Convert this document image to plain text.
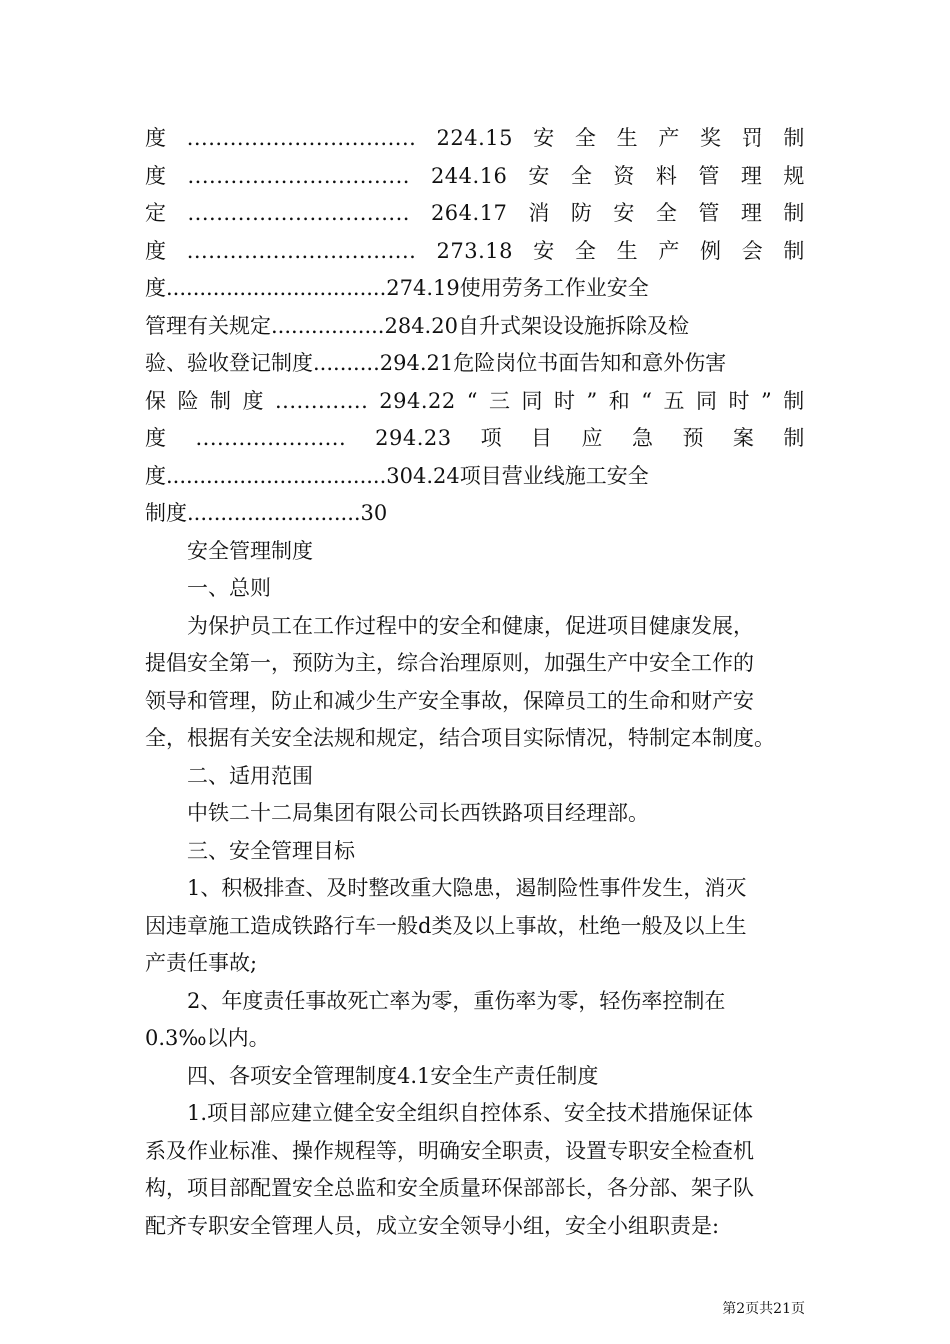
度 ................................ 224.15 安 全 生 产 奖 罚 制
度 ............................... 244.16 安 全 资 料 管 理 规
定 ............................... 264.17 消 防 安 全 管 理 制
度 ................................ 273.18 安 全 生 产 例 会 制
度.................................274.19使用劳务工作业安全
管理有关规定.................284.20自升式架设设施拆除及检
验、验收登记制度..........294.21危险岗位书面告知和意外伤害
保 险 制 度 ............. 294.22 “ 三 同 时 ” 和 “ 五 同 时 ” 制
度 ..................... 294.23 项 目 应 急 预 案 制
度.................................304.24项目营业线施工安全
制度..........................30
安全管理制度
一、总则
为保护员工在工作过程中的安全和健康，促进项目健康发展，
提倡安全第一，预防为主，综合治理原则，加强生产中安全工作的
领导和管理，防止和减少生产安全事故，保障员工的生命和财产安
全，根据有关安全法规和规定，结合项目实际情况，特制定本制度。
二、适用范围
中铁二十二局集团有限公司长西铁路项目经理部。
三、安全管理目标
1、积极排查、及时整改重大隐患，遏制险性事件发生，消灭
因违章施工造成铁路行车一般d类及以上事故，杜绝一般及以上生
产责任事故;
2、年度责任事故死亡率为零，重伤率为零，轻伤率控制在
0.3‰以内。
四、各项安全管理制度4.1安全生产责任制度
1.项目部应建立健全安全组织自控体系、安全技术措施保证体
系及作业标准、操作规程等，明确安全职责，设置专职安全检查机
构，项目部配置安全总监和安全质量环保部部长，各分部、架子队
配齐专职安全管理人员，成立安全领导小组，安全小组职责是:
第2页共21页
